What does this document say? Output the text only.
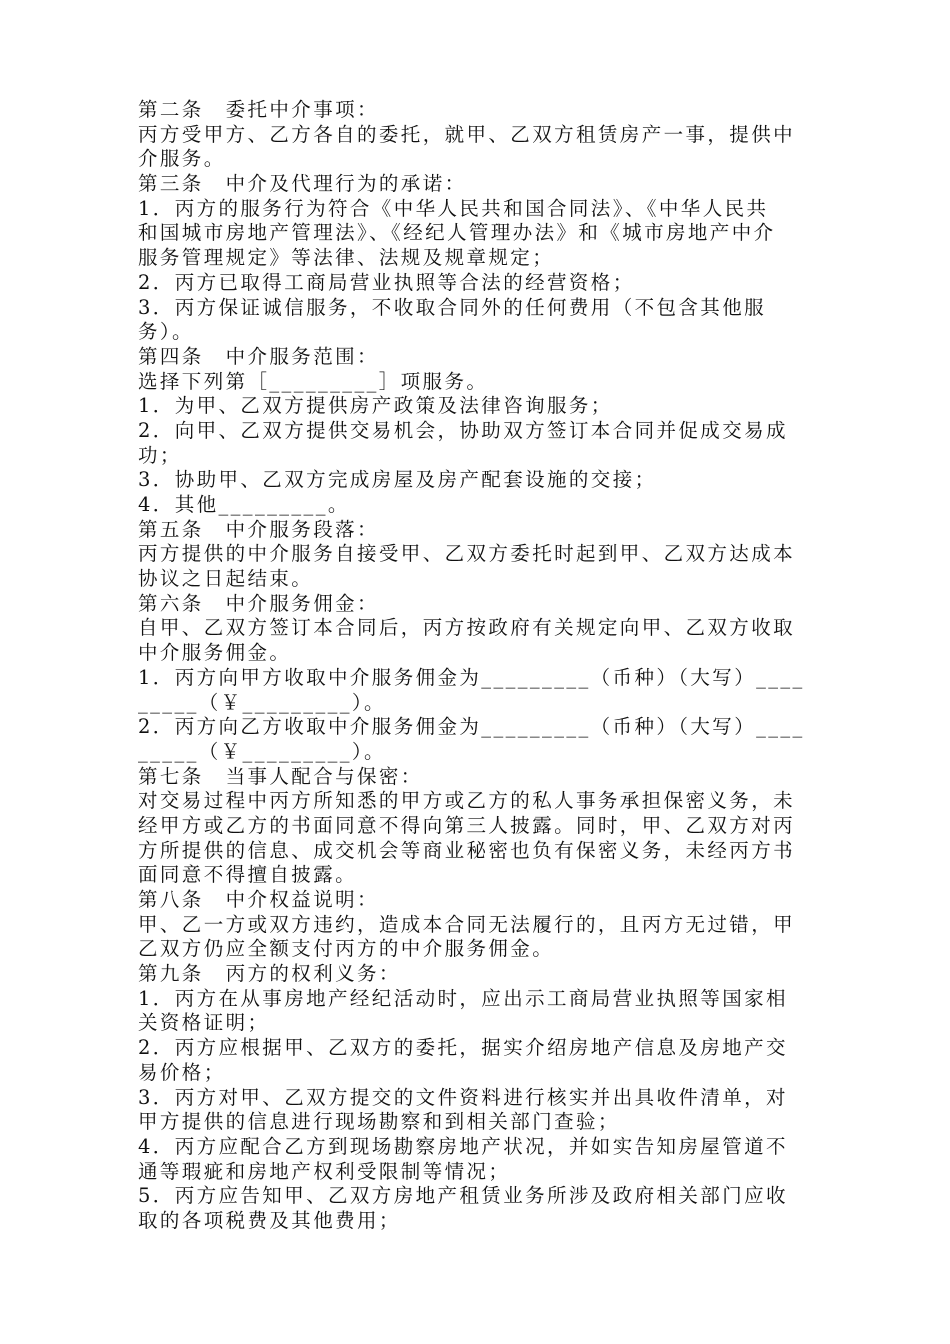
第二条　委托中介事项：
丙方受甲方、乙方各自的委托，就甲、乙双方租赁房产一事，提供中
介服务。
第三条　中介及代理行为的承诺：
1．丙方的服务行为符合《中华人民共和国合同法》、《中华人民共
和国城市房地产管理法》、《经纪人管理办法》和《城市房地产中介
服务管理规定》等法律、法规及规章规定；
2．丙方已取得工商局营业执照等合法的经营资格；
3．丙方保证诚信服务，不收取合同外的任何费用（不包含其他服
务）。
第四条　中介服务范围：
选择下列第［_________］项服务。
1．为甲、乙双方提供房产政策及法律咨询服务；
2．向甲、乙双方提供交易机会，协助双方签订本合同并促成交易成
功；
3．协助甲、乙双方完成房屋及房产配套设施的交接；
4．其他_________。
第五条　中介服务段落：
丙方提供的中介服务自接受甲、乙双方委托时起到甲、乙双方达成本
协议之日起结束。
第六条　中介服务佣金：
自甲、乙双方签订本合同后，丙方按政府有关规定向甲、乙双方收取
中介服务佣金。
1．丙方向甲方收取中介服务佣金为_________（币种）（大写）____
_____（￥_________）。
2．丙方向乙方收取中介服务佣金为_________（币种）（大写）____
_____（￥_________）。
第七条　当事人配合与保密：
对交易过程中丙方所知悉的甲方或乙方的私人事务承担保密义务，未
经甲方或乙方的书面同意不得向第三人披露。同时，甲、乙双方对丙
方所提供的信息、成交机会等商业秘密也负有保密义务，未经丙方书
面同意不得擅自披露。
第八条　中介权益说明：
甲、乙一方或双方违约，造成本合同无法履行的，且丙方无过错，甲
乙双方仍应全额支付丙方的中介服务佣金。
第九条　丙方的权利义务：
1．丙方在从事房地产经纪活动时，应出示工商局营业执照等国家相
关资格证明；
2．丙方应根据甲、乙双方的委托，据实介绍房地产信息及房地产交
易价格；
3．丙方对甲、乙双方提交的文件资料进行核实并出具收件清单，对
甲方提供的信息进行现场勘察和到相关部门查验；
4．丙方应配合乙方到现场勘察房地产状况，并如实告知房屋管道不
通等瑕疵和房地产权利受限制等情况；
5．丙方应告知甲、乙双方房地产租赁业务所涉及政府相关部门应收
取的各项税费及其他费用；
